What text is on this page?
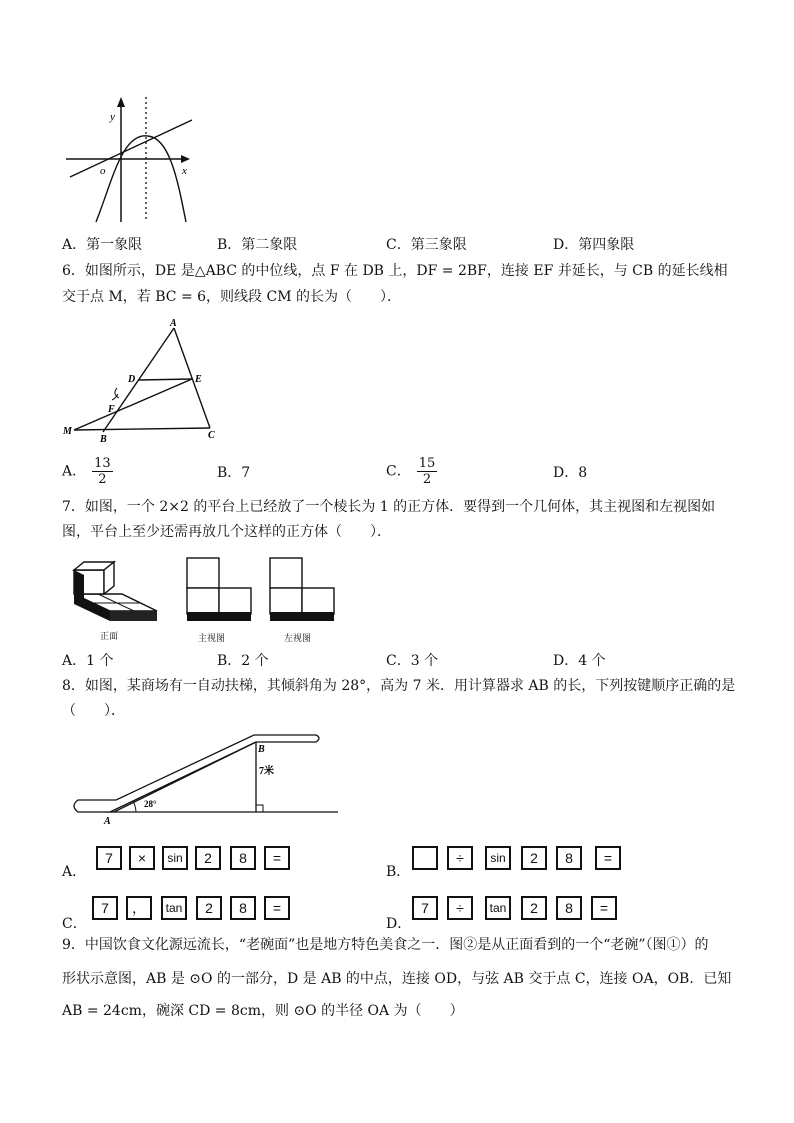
y
x
o
A．第一象限	B．第二象限	C．第三象限	D．第四象限
6．如图所示，DE 是△ABC 的中位线，点 F 在 DB 上，DF = 2BF，连接 EF 并延长，与 CB 的延长线相
交于点 M，若 BC = 6，则线段 CM 的长为（　　）．
A
D	E
F
M
B	C
A． $\frac{13}{2}$	B．7	C． $\frac{15}{2}$	D．8
7．如图，一个 2×2 的平台上已经放了一个棱长为 1 的正方体．要得到一个几何体，其主视图和左视图如
图，平台上至少还需再放几个这样的正方体（　　）．
正面	主视图	左视图
A．1 个	B．2 个	C．3 个	D．4 个
8．如图，某商场有一自动扶梯，其倾斜角为 28°，高为 7 米．用计算器求 AB 的长，下列按键顺序正确的是
（　　）．
B
7米
28°
A
A．
7	×	sin	2	8	=
B．
÷	sin	2	8	=
C．
7	，	tan	2	8	=
D．
7	÷	tan	2	8	=
9．中国饮食文化源远流长，“老碗面”也是地方特色美食之一．图②是从正面看到的一个“老碗”（图①）的
形状示意图，AB 是 ⊙O 的一部分，D 是 AB 的中点，连接 OD，与弦 AB 交于点 C，连接 OA，OB．已知
AB = 24cm，碗深 CD = 8cm，则 ⊙O 的半径 OA 为（　　）
